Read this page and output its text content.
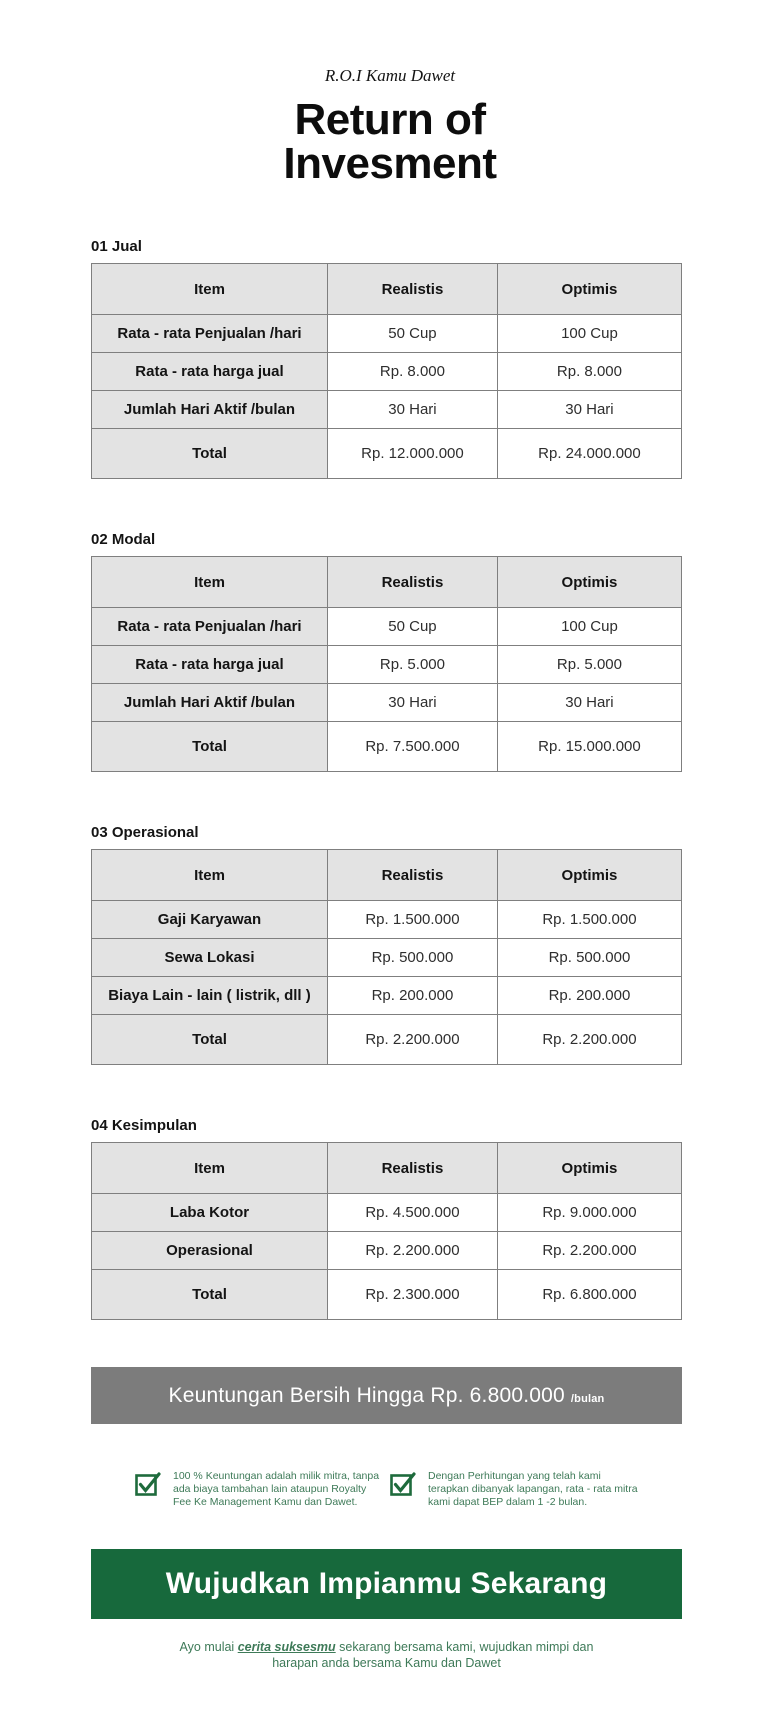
R.O.I Kamu Dawet
Return of
Invesment
01 Jual
Item	Realistis	Optimis
Rata - rata Penjualan /hari	50 Cup	100 Cup
Rata - rata harga jual	Rp. 8.000	Rp. 8.000
Jumlah Hari Aktif /bulan	30 Hari	30 Hari
Total	Rp. 12.000.000	Rp. 24.000.000
02 Modal
Item	Realistis	Optimis
Rata - rata Penjualan /hari	50 Cup	100 Cup
Rata - rata harga jual	Rp. 5.000	Rp. 5.000
Jumlah Hari Aktif /bulan	30 Hari	30 Hari
Total	Rp. 7.500.000	Rp. 15.000.000
03 Operasional
Item	Realistis	Optimis
Gaji Karyawan	Rp. 1.500.000	Rp. 1.500.000
Sewa Lokasi	Rp. 500.000	Rp. 500.000
Biaya Lain - lain ( listrik, dll )	Rp. 200.000	Rp. 200.000
Total	Rp. 2.200.000	Rp. 2.200.000
04 Kesimpulan
Item	Realistis	Optimis
Laba Kotor	Rp. 4.500.000	Rp. 9.000.000
Operasional	Rp. 2.200.000	Rp. 2.200.000
Total	Rp. 2.300.000	Rp. 6.800.000
Keuntungan Bersih Hingga Rp. 6.800.000 /bulan
100 % Keuntungan adalah milik mitra, tanpa ada biaya tambahan lain ataupun Royalty Fee Ke Management Kamu dan Dawet.
Dengan Perhitungan yang telah kami terapkan dibanyak lapangan, rata - rata mitra kami dapat BEP dalam 1 -2 bulan.
Wujudkan Impianmu Sekarang

Ayo mulai cerita suksesmu sekarang bersama kami, wujudkan mimpi dan harapan anda bersama Kamu dan Dawet
